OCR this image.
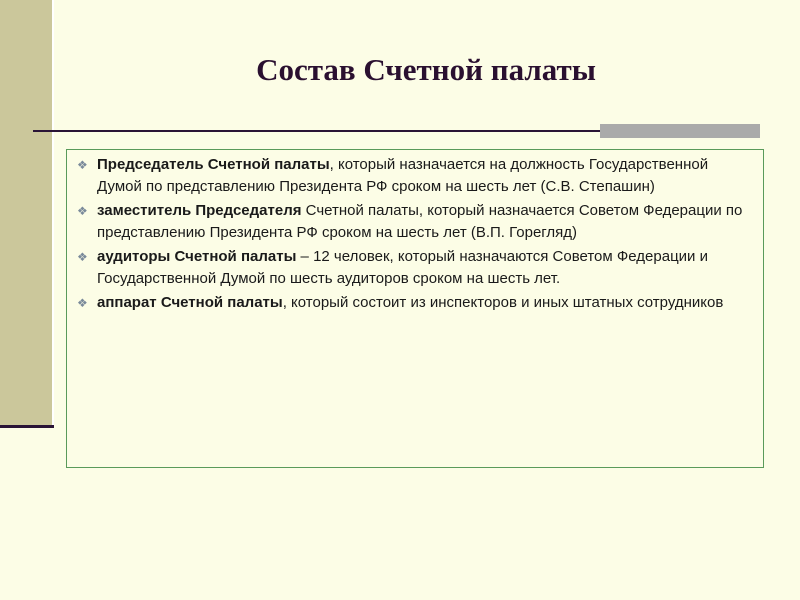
Состав Счетной палаты
❖ Председатель Счетной палаты, который назначается на должность Государственной Думой по представлению Президента РФ сроком на шесть лет (С.В. Степашин)
❖ заместитель Председателя Счетной палаты, который назначается Советом Федерации по представлению Президента РФ сроком на шесть лет (В.П. Горегляд)
❖ аудиторы Счетной палаты – 12 человек, который назначаются Советом Федерации и Государственной Думой по шесть аудиторов сроком на шесть лет.
❖ аппарат Счетной палаты, который состоит из инспекторов и иных штатных сотрудников
